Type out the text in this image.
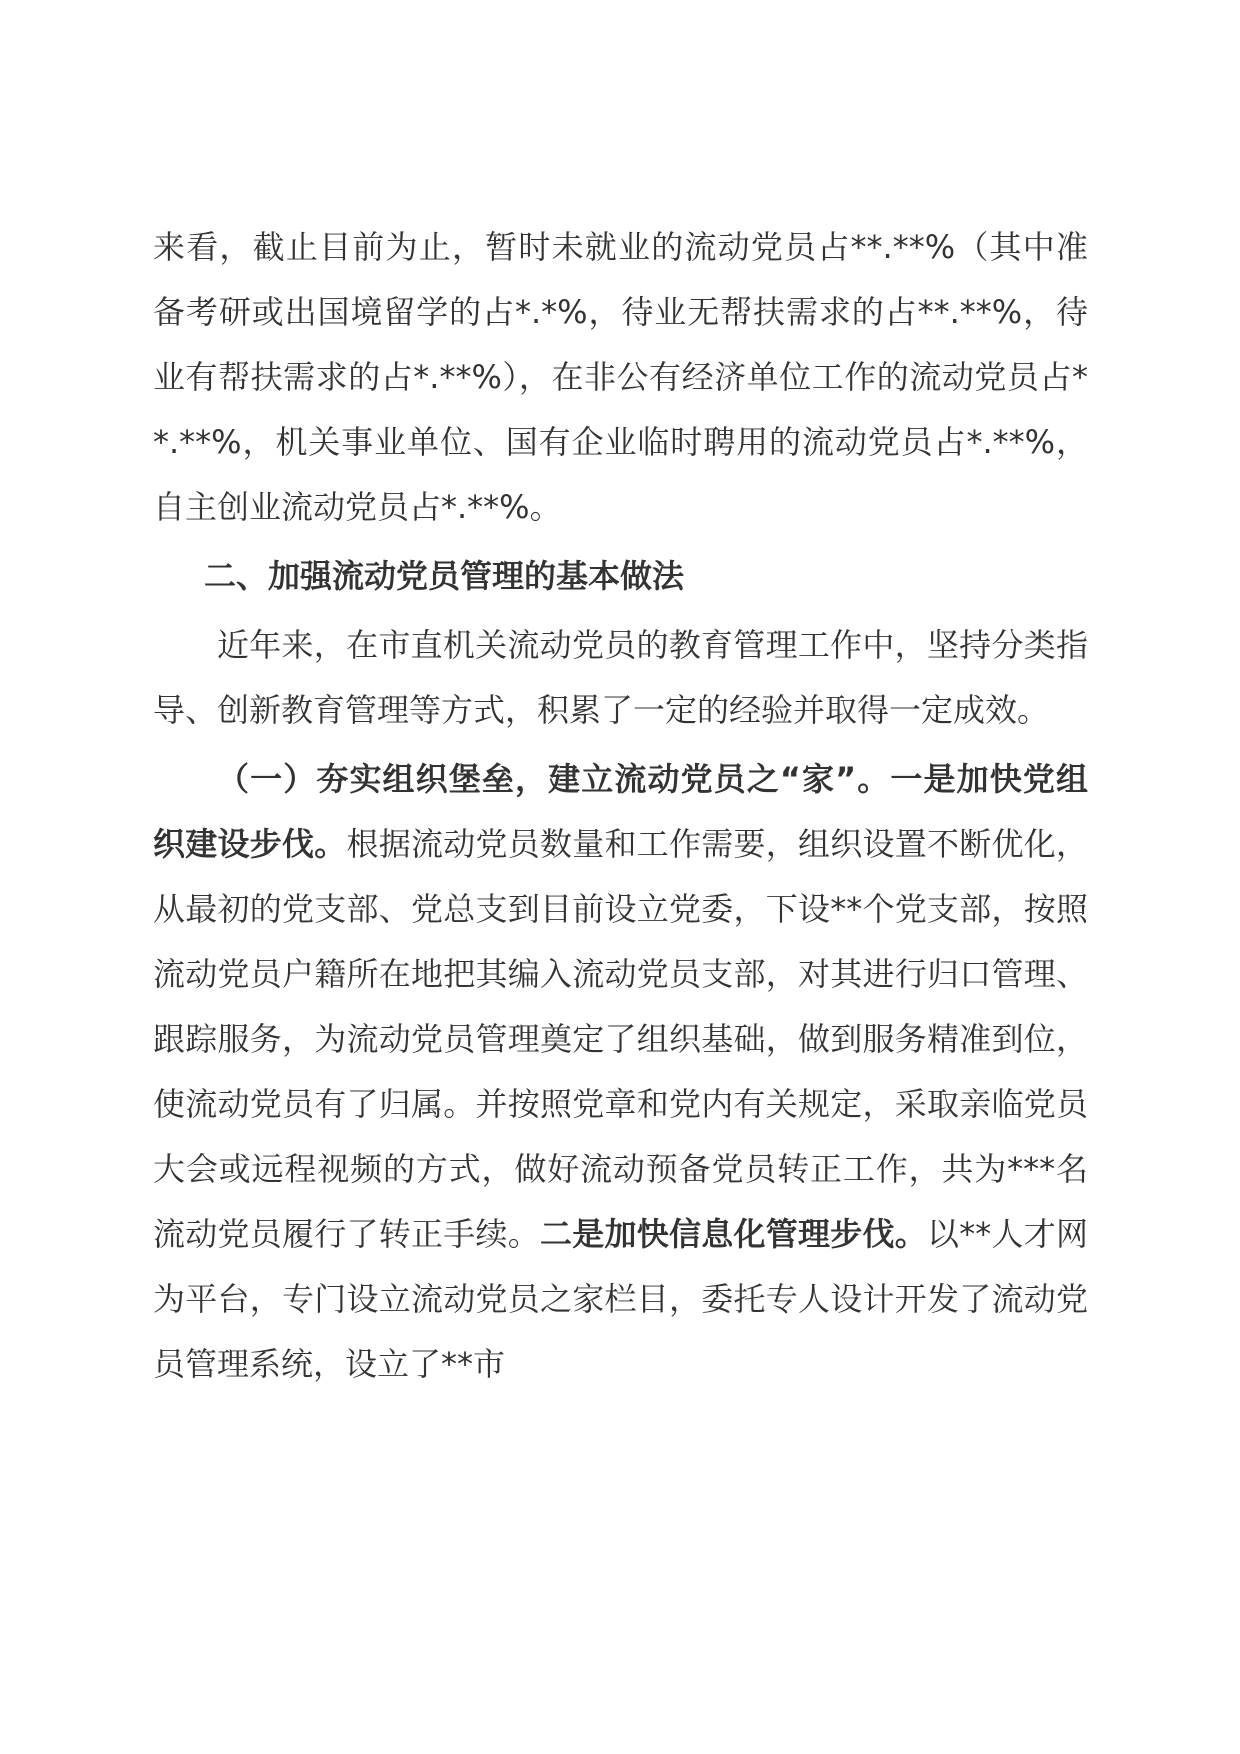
来看，截止目前为止，暂时未就业的流动党员占**.**%（其中准备考研或出国境留学的占*.*%，待业无帮扶需求的占**.**%，待业有帮扶需求的占*.**%），在非公有经济单位工作的流动党员占**.**%，机关事业单位、国有企业临时聘用的流动党员占*.**%，自主创业流动党员占*.**%。

二、加强流动党员管理的基本做法

近年来，在市直机关流动党员的教育管理工作中，坚持分类指导、创新教育管理等方式，积累了一定的经验并取得一定成效。

（一）夯实组织堡垒，建立流动党员之“家”。一是加快党组织建设步伐。根据流动党员数量和工作需要，组织设置不断优化，从最初的党支部、党总支到目前设立党委，下设**个党支部，按照流动党员户籍所在地把其编入流动党员支部，对其进行归口管理、跟踪服务，为流动党员管理奠定了组织基础，做到服务精准到位，使流动党员有了归属。并按照党章和党内有关规定，采取亲临党员大会或远程视频的方式，做好流动预备党员转正工作，共为***名流动党员履行了转正手续。二是加快信息化管理步伐。以**人才网为平台，专门设立流动党员之家栏目，委托专人设计开发了流动党员管理系统，设立了**市
